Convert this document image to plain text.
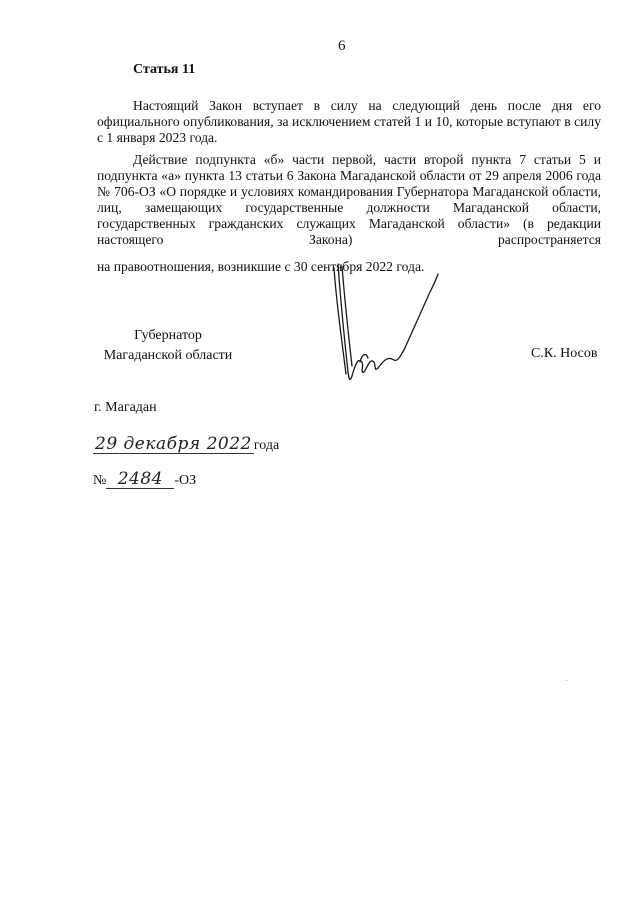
6
Статья 11
Настоящий Закон вступает в силу на следующий день после дня его официального опубликования, за исключением статей 1 и 10, которые вступают в силу с 1 января 2023 года.
Действие подпункта «б» части первой, части второй пункта 7 статьи 5 и подпункта «а» пункта 13 статьи 6 Закона Магаданской области от 29 апреля 2006 года № 706-ОЗ «О порядке и условиях командирования Губернатора Магаданской области, лиц, замещающих государственные должности Магаданской области, государственных гражданских служащих Магаданской области» (в редакции настоящего Закона) распространяется
на правоотношения, возникшие с 30 сентября 2022 года.
Губернатор
Магаданской области	С.К. Носов
г. Магадан
29 декабря 2022 года
№ 2484 -ОЗ
